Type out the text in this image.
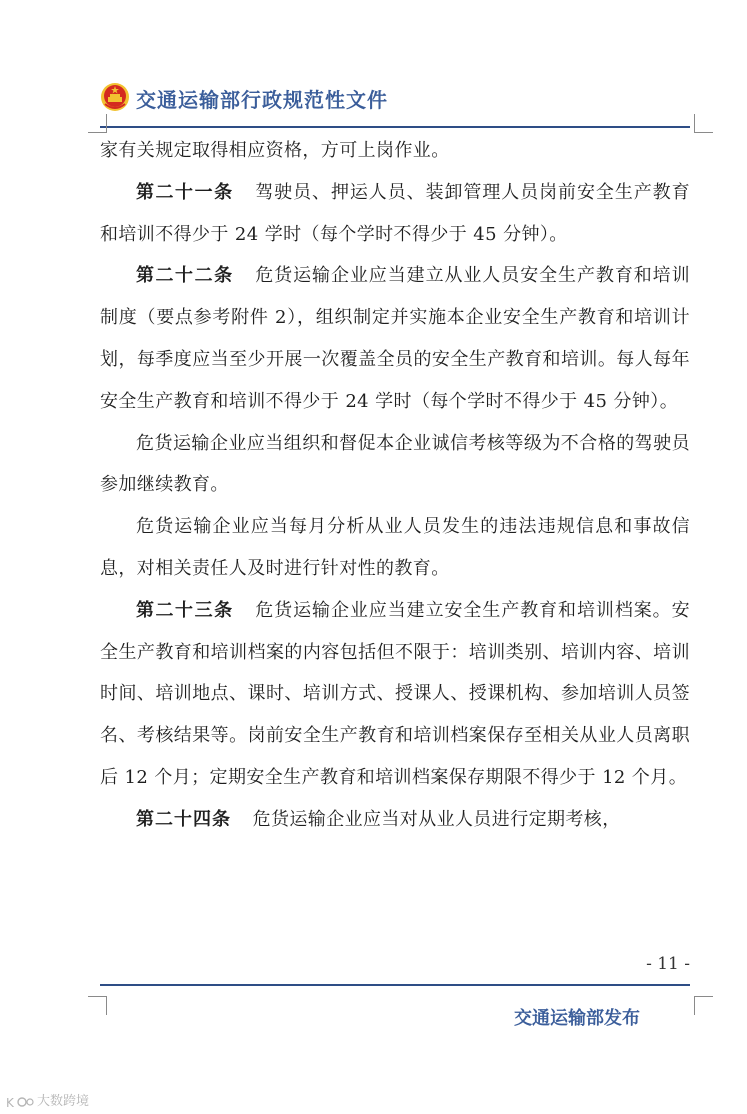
交通运输部行政规范性文件

家有关规定取得相应资格，方可上岗作业。

第二十一条 驾驶员、押运人员、装卸管理人员岗前安全生产教育和培训不得少于 24 学时（每个学时不得少于 45 分钟）。

第二十二条 危货运输企业应当建立从业人员安全生产教育和培训制度（要点参考附件 2），组织制定并实施本企业安全生产教育和培训计划，每季度应当至少开展一次覆盖全员的安全生产教育和培训。每人每年安全生产教育和培训不得少于 24 学时（每个学时不得少于 45 分钟）。

危货运输企业应当组织和督促本企业诚信考核等级为不合格的驾驶员参加继续教育。

危货运输企业应当每月分析从业人员发生的违法违规信息和事故信息，对相关责任人及时进行针对性的教育。

第二十三条 危货运输企业应当建立安全生产教育和培训档案。安全生产教育和培训档案的内容包括但不限于：培训类别、培训内容、培训时间、培训地点、课时、培训方式、授课人、授课机构、参加培训人员签名、考核结果等。岗前安全生产教育和培训档案保存至相关从业人员离职后 12 个月；定期安全生产教育和培训档案保存期限不得少于 12 个月。

第二十四条 危货运输企业应当对从业人员进行定期考核，

- 11 -
交通运输部发布
K 大数跨境
